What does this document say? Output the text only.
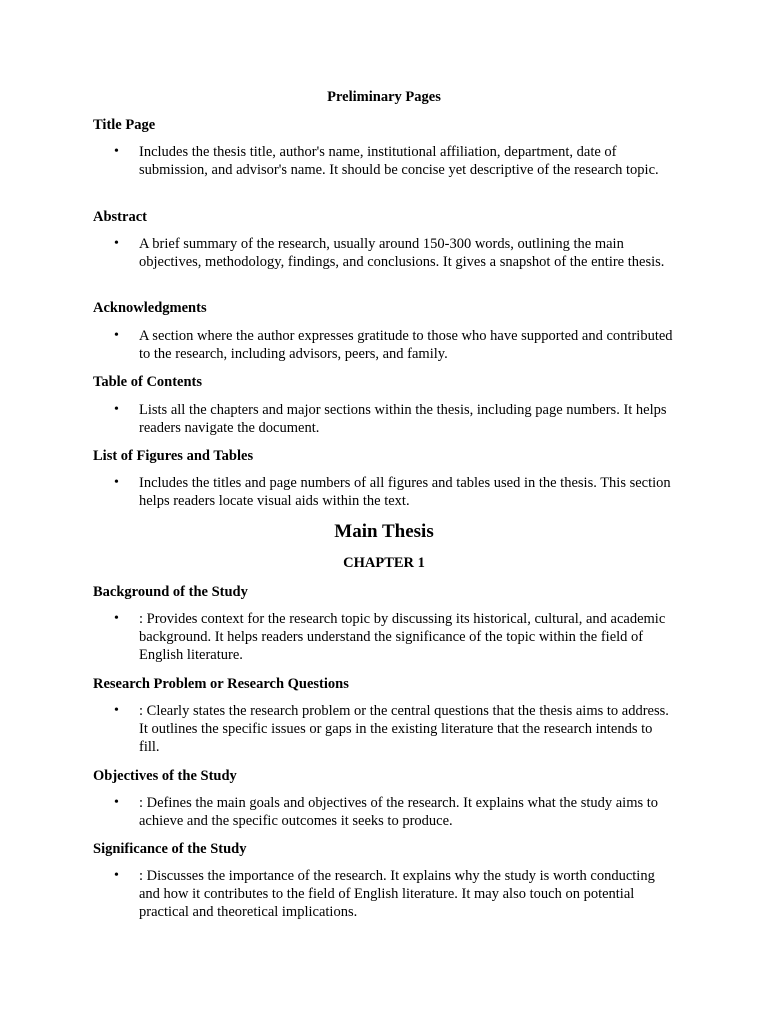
Preliminary Pages
Title Page
• Includes the thesis title, author's name, institutional affiliation, department, date of submission, and advisor's name. It should be concise yet descriptive of the research topic.

Abstract
• A brief summary of the research, usually around 150-300 words, outlining the main objectives, methodology, findings, and conclusions. It gives a snapshot of the entire thesis.

Acknowledgments
• A section where the author expresses gratitude to those who have supported and contributed to the research, including advisors, peers, and family.

Table of Contents
• Lists all the chapters and major sections within the thesis, including page numbers. It helps readers navigate the document.

List of Figures and Tables
• Includes the titles and page numbers of all figures and tables used in the thesis. This section helps readers locate visual aids within the text.

Main Thesis
CHAPTER 1
Background of the Study
• : Provides context for the research topic by discussing its historical, cultural, and academic background. It helps readers understand the significance of the topic within the field of English literature.

Research Problem or Research Questions
• : Clearly states the research problem or the central questions that the thesis aims to address. It outlines the specific issues or gaps in the existing literature that the research intends to fill.

Objectives of the Study
• : Defines the main goals and objectives of the research. It explains what the study aims to achieve and the specific outcomes it seeks to produce.

Significance of the Study
• : Discusses the importance of the research. It explains why the study is worth conducting and how it contributes to the field of English literature. It may also touch on potential practical and theoretical implications.
